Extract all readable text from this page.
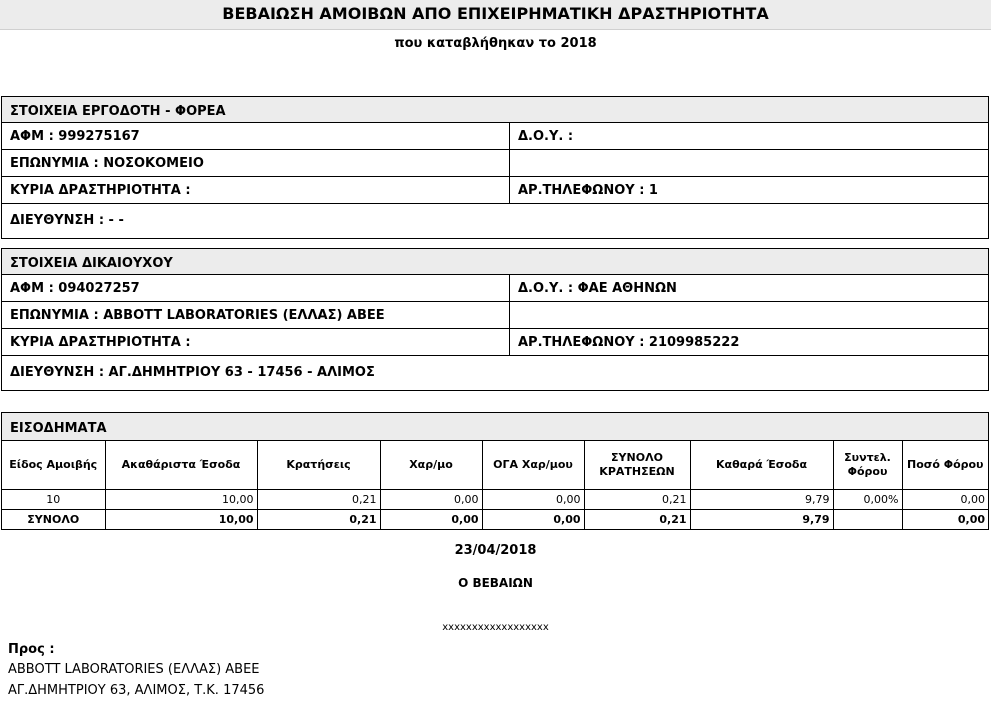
ΒΕΒΑΙΩΣΗ ΑΜΟΙΒΩΝ ΑΠΟ ΕΠΙΧΕΙΡΗΜΑΤΙΚΗ ΔΡΑΣΤΗΡΙΟΤΗΤΑ
που καταβλήθηκαν το 2018
ΣΤΟΙΧΕΙΑ ΕΡΓΟΔΟΤΗ - ΦΟΡΕΑ
ΑΦΜ : 999275167	Δ.Ο.Υ. :
ΕΠΩΝΥΜΙΑ : ΝΟΣΟΚΟΜΕΙΟ
ΚΥΡΙΑ ΔΡΑΣΤΗΡΙΟΤΗΤΑ :	ΑΡ.ΤΗΛΕΦΩΝΟΥ : 1
ΔΙΕΥΘΥΝΣΗ : - -
ΣΤΟΙΧΕΙΑ ΔΙΚΑΙΟΥΧΟΥ
ΑΦΜ : 094027257	Δ.Ο.Υ. : ΦΑΕ ΑΘΗΝΩΝ
ΕΠΩΝΥΜΙΑ : ABBOTT LABORATORIES (ΕΛΛΑΣ) ΑΒΕΕ
ΚΥΡΙΑ ΔΡΑΣΤΗΡΙΟΤΗΤΑ :	ΑΡ.ΤΗΛΕΦΩΝΟΥ : 2109985222
ΔΙΕΥΘΥΝΣΗ : ΑΓ.ΔΗΜΗΤΡΙΟΥ 63 - 17456 - ΑΛΙΜΟΣ
ΕΙΣΟΔΗΜΑΤΑ
Είδος Αμοιβής	Ακαθάριστα Έσοδα	Κρατήσεις	Χαρ/μο	ΟΓΑ Χαρ/μου	ΣΥΝΟΛΟ ΚΡΑΤΗΣΕΩΝ	Καθαρά Έσοδα	Συντελ. Φόρου	Ποσό Φόρου
10	10,00	0,21	0,00	0,00	0,21	9,79	0,00%	0,00
ΣΥΝΟΛΟ	10,00	0,21	0,00	0,00	0,21	9,79		0,00
23/04/2018
Ο ΒΕΒΑΙΩΝ
xxxxxxxxxxxxxxxxxx
Προς :
ABBOTT LABORATORIES (ΕΛΛΑΣ) ΑΒΕΕ
ΑΓ.ΔΗΜΗΤΡΙΟΥ 63, ΑΛΙΜΟΣ, Τ.Κ. 17456
